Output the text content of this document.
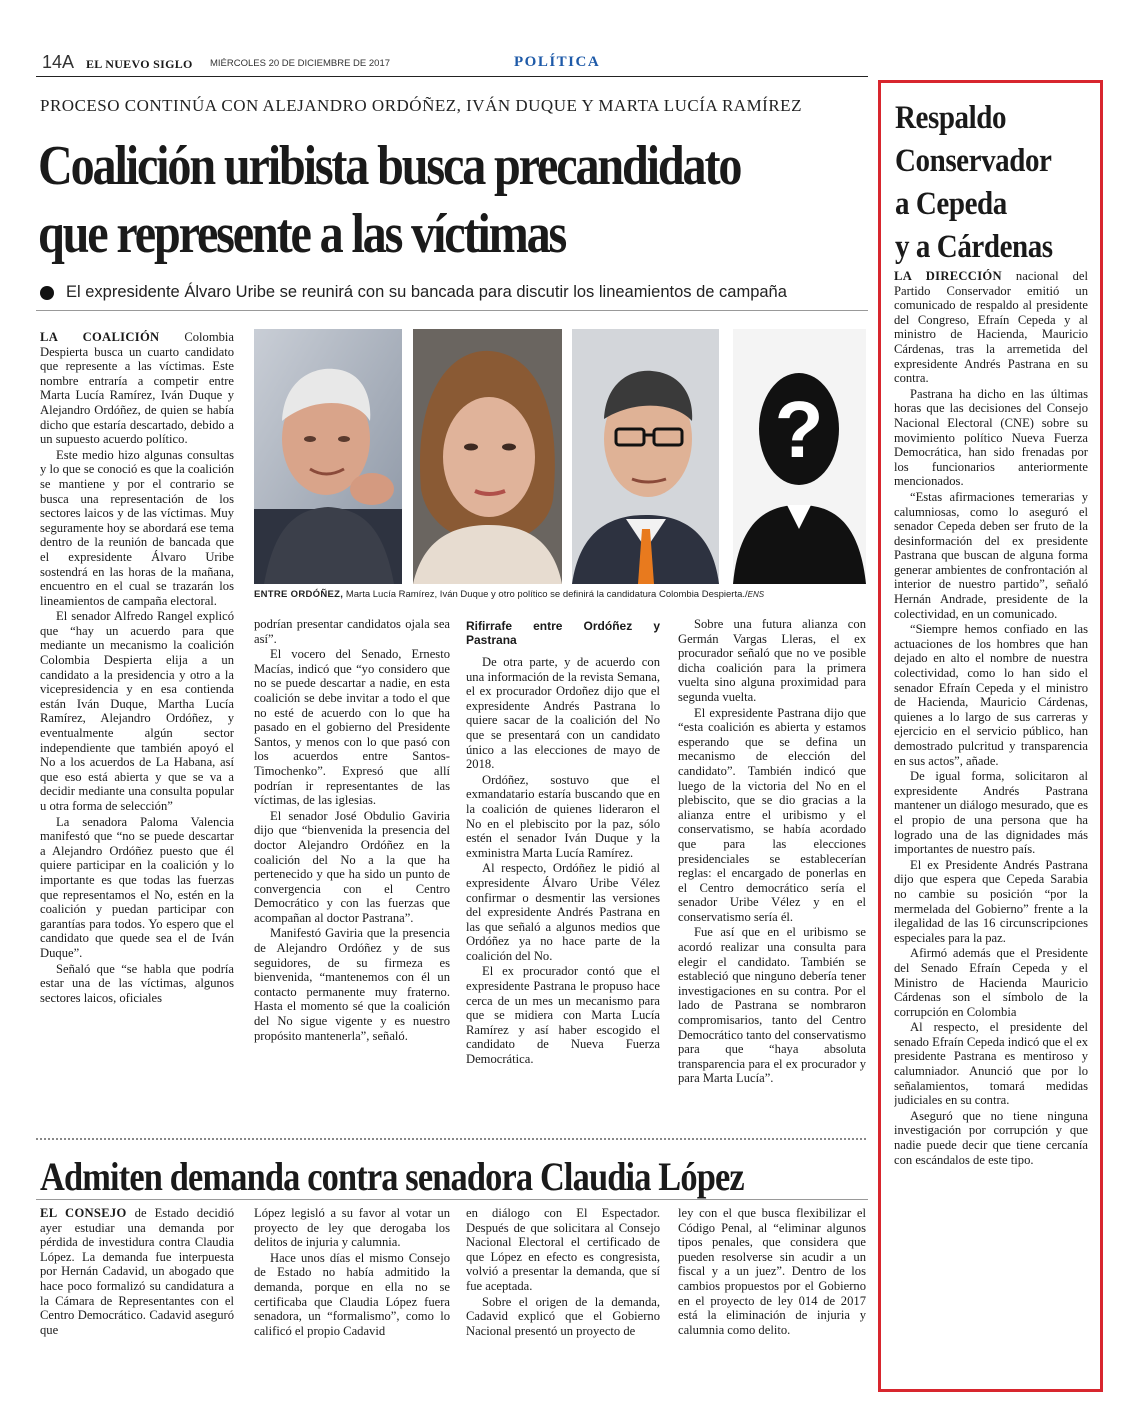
14A EL NUEVO SIGLO MIÉRCOLES 20 DE DICIEMBRE DE 2017	POLÍTICA
PROCESO CONTINÚA CON ALEJANDRO ORDÓÑEZ, IVÁN DUQUE Y MARTA LUCÍA RAMÍREZ
Coalición uribista busca precandidato
que represente a las víctimas
El expresidente Álvaro Uribe se reunirá con su bancada para discutir los lineamientos de campaña

LA COALICIÓN Colombia Despierta busca un cuarto candidato que represente a las víctimas. Este nombre entraría a competir entre Marta Lucía Ramírez, Iván Duque y Alejandro Ordóñez, de quien se había dicho que estaría descartado, debido a un supuesto acuerdo político.

Este medio hizo algunas consultas y lo que se conoció es que la coalición se mantiene y por el contrario se busca una representación de los sectores laicos y de las víctimas. Muy seguramente hoy se abordará ese tema dentro de la reunión de bancada que el expresidente Álvaro Uribe sostendrá en las horas de la mañana, encuentro en el cual se trazarán los lineamientos de campaña electoral.

El senador Alfredo Rangel explicó que “hay un acuerdo para que mediante un mecanismo la coalición Colombia Despierta elija a un candidato a la presidencia y otro a la vicepresidencia y en esa contienda están Iván Duque, Martha Lucía Ramírez, Alejandro Ordóñez, y eventualmente algún sector independiente que también apoyó el No a los acuerdos de La Habana, así que eso está abierta y que se va a decidir mediante una consulta popular u otra forma de selección”

La senadora Paloma Valencia manifestó que “no se puede descartar a Alejandro Ordóñez puesto que él quiere participar en la coalición y lo importante es que todas las fuerzas que representamos el No, estén en la coalición y puedan participar con garantías para todos. Yo espero que el candidato que quede sea el de Iván Duque”.

Señaló que “se habla que podría estar una de las víctimas, algunos sectores laicos, oficiales

?
ENTRE ORDÓÑEZ, Marta Lucía Ramírez, Iván Duque y otro político se definirá la candidatura Colombia Despierta./ENS

podrían presentar candidatos ojala sea así”.

El vocero del Senado, Ernesto Macías, indicó que “yo considero que no se puede descartar a nadie, en esta coalición se debe invitar a todo el que no esté de acuerdo con lo que ha pasado en el gobierno del Presidente Santos, y menos con lo que pasó con los acuerdos entre Santos-Timochenko”. Expresó que allí podrían ir representantes de las víctimas, de las iglesias.

El senador José Obdulio Gaviria dijo que “bienvenida la presencia del doctor Alejandro Ordóñez en la coalición del No a la que ha pertenecido y que ha sido un punto de convergencia con el Centro Democrático y con las fuerzas que acompañan al doctor Pastrana”.

Manifestó Gaviria que la presencia de Alejandro Ordóñez y de sus seguidores, de su firmeza es bienvenida, “mantenemos con él un contacto permanente muy fraterno. Hasta el momento sé que la coalición del No sigue vigente y es nuestro propósito mantenerla”, señaló.

Rifirrafe entre Ordóñez y Pastrana

De otra parte, y de acuerdo con una información de la revista Semana, el ex procurador Ordoñez dijo que el expresidente Andrés Pastrana lo quiere sacar de la coalición del No que se presentará con un candidato único a las elecciones de mayo de 2018.

Ordóñez, sostuvo que el exmandatario estaría buscando que en la coalición de quienes lideraron el No en el plebiscito por la paz, sólo estén el senador Iván Duque y la exministra Marta Lucía Ramírez.

Al respecto, Ordóñez le pidió al expresidente Álvaro Uribe Vélez confirmar o desmentir las versiones del expresidente Andrés Pastrana en las que señaló a algunos medios que Ordóñez ya no hace parte de la coalición del No.

El ex procurador contó que el expresidente Pastrana le propuso hace cerca de un mes un mecanismo para que se midiera con Marta Lucía Ramírez y así haber escogido el candidato de Nueva Fuerza Democrática.

Sobre una futura alianza con Germán Vargas Lleras, el ex procurador señaló que no ve posible dicha coalición para la primera vuelta sino alguna proximidad para segunda vuelta.

El expresidente Pastrana dijo que “esta coalición es abierta y estamos esperando que se defina un mecanismo de elección del candidato”. También indicó que luego de la victoria del No en el plebiscito, que se dio gracias a la alianza entre el uribismo y el conservatismo, se había acordado que para las elecciones presidenciales se establecerían reglas: el encargado de ponerlas en el Centro democrático sería el senador Uribe Vélez y en el conservatismo sería él.

Fue así que en el uribismo se acordó realizar una consulta para elegir el candidato. También se estableció que ninguno debería tener investigaciones en su contra. Por el lado de Pastrana se nombraron compromisarios, tanto del Centro Democrático tanto del conservatismo para que “haya absoluta transparencia para el ex procurador y para Marta Lucía”.

Admiten demanda contra senadora Claudia López

EL CONSEJO de Estado decidió ayer estudiar una demanda por pérdida de investidura contra Claudia López. La demanda fue interpuesta por Hernán Cadavid, un abogado que hace poco formalizó su candidatura a la Cámara de Representantes con el Centro Democrático. Cadavid aseguró que

López legisló a su favor al votar un proyecto de ley que derogaba los delitos de injuria y calumnia.

Hace unos días el mismo Consejo de Estado no había admitido la demanda, porque en ella no se certificaba que Claudia López fuera senadora, un “formalismo”, como lo calificó el propio Cadavid

en diálogo con El Espectador. Después de que solicitara al Consejo Nacional Electoral el certificado de que López en efecto es congresista, volvió a presentar la demanda, que sí fue aceptada.

Sobre el origen de la demanda, Cadavid explicó que el Gobierno Nacional presentó un proyecto de

ley con el que busca flexibilizar el Código Penal, al “eliminar algunos tipos penales, que considera que pueden resolverse sin acudir a un fiscal y a un juez”. Dentro de los cambios propuestos por el Gobierno en el proyecto de ley 014 de 2017 está la eliminación de injuria y calumnia como delito.

Respaldo
Conservador
a Cepeda
y a Cárdenas

LA DIRECCIÓN nacional del Partido Conservador emitió un comunicado de respaldo al presidente del Congreso, Efraín Cepeda y al ministro de Hacienda, Mauricio Cárdenas, tras la arremetida del expresidente Andrés Pastrana en su contra.

Pastrana ha dicho en las últimas horas que las decisiones del Consejo Nacional Electoral (CNE) sobre su movimiento político Nueva Fuerza Democrática, han sido frenadas por los funcionarios anteriormente mencionados.

“Estas afirmaciones temerarias y calumniosas, como lo aseguró el senador Cepeda deben ser fruto de la desinformación del ex presidente Pastrana que buscan de alguna forma generar ambientes de confrontación al interior de nuestro partido”, señaló Hernán Andrade, presidente de la colectividad, en un comunicado.

“Siempre hemos confiado en las actuaciones de los hombres que han dejado en alto el nombre de nuestra colectividad, como lo han sido el senador Efraín Cepeda y el ministro de Hacienda, Mauricio Cárdenas, quienes a lo largo de sus carreras y ejercicio en el servicio público, han demostrado pulcritud y transparencia en sus actos”, añade.

De igual forma, solicitaron al expresidente Andrés Pastrana mantener un diálogo mesurado, que es el propio de una persona que ha logrado una de las dignidades más importantes de nuestro país.

El ex Presidente Andrés Pastrana dijo que espera que Cepeda Sarabia no cambie su posición “por la mermelada del Gobierno” frente a la ilegalidad de las 16 circunscripciones especiales para la paz.

Afirmó además que el Presidente del Senado Efraín Cepeda y el Ministro de Hacienda Mauricio Cárdenas son el símbolo de la corrupción en Colombia

Al respecto, el presidente del senado Efraín Cepeda indicó que el ex presidente Pastrana es mentiroso y calumniador. Anunció que por lo señalamientos, tomará medidas judiciales en su contra.

Aseguró que no tiene ninguna investigación por corrupción y que nadie puede decir que tiene cercanía con escándalos de este tipo.
